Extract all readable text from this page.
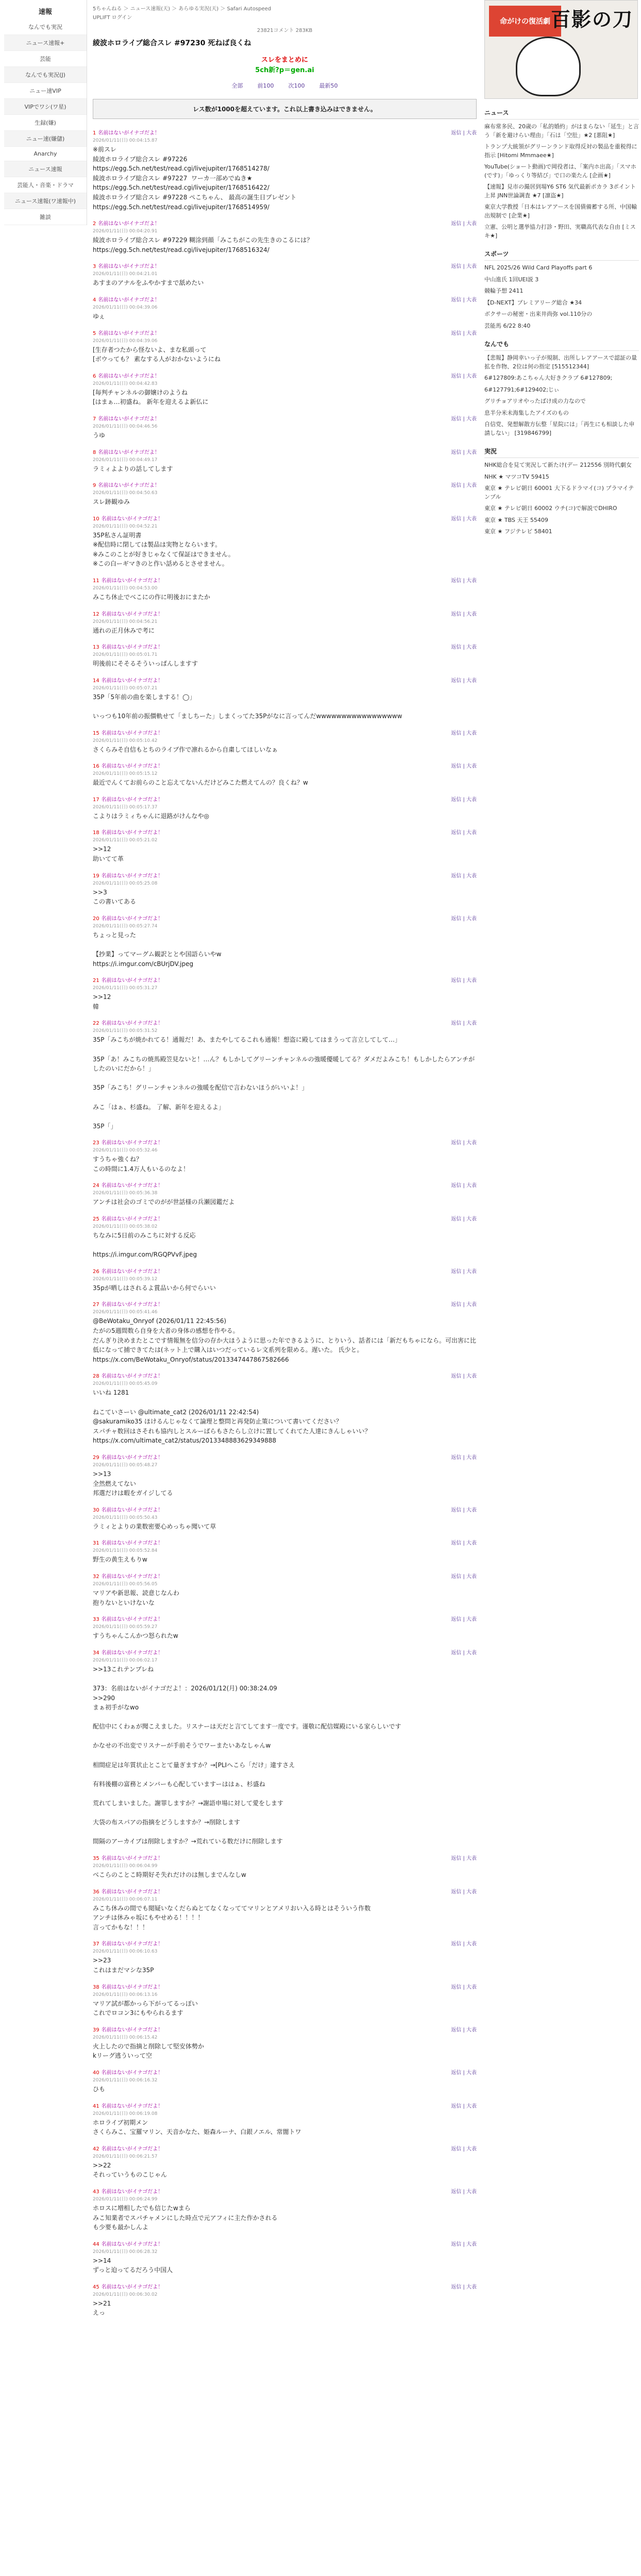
速報
なんでも実況
ニュース速報+
芸能
なんでも実況(J)
ニュー速VIP
VIPでワシ(ワ星)
生録(嫌)
ニュー速(嫌儲)
Anarchy
ニュース速報
芸能人・音楽・ドラマ
ニュース速報(ワ速報中)
雑談
5ちゃんねる ＞ ニュース速報(天) ＞ あらゆる実況(天) ＞ Safari Autospeed
UPLIFT ログイン
23821コメント 283KB
綾波ホロライブ総合スレ #97230 死ねば良くね
スレをまとめに
5ch新?p＝gen.ai
全部	前100	次100	最新50
レス数が1000を超えています。これ以上書き込みはできません。
1 名前はないがイナゴだよ！
2026/01/11(日) 00:04:15.87
返信 | 大表
※前スレ
綾波ホロライブ総合スレ #97226
https://egg.5ch.net/test/read.cgi/livejupiter/1768514278/
綾波ホロライブ総合スレ #97227  ワーカ一部めでぬき★
https://egg.5ch.net/test/read.cgi/livejupiter/1768516422/
綾波ホロライブ総合スレ #97228 ぺこちゃん、 最高の誕生日プレゼント
https://egg.5ch.net/test/read.cgi/livejupiter/1768514959/
2 名前はないがイナゴだよ！
2026/01/11(日) 00:04:20.91
返信 | 大表
綾波ホロライブ総合スレ #97229 糊涂到顔「みこちがこの先生きのこるには？
https://egg.5ch.net/test/read.cgi/livejupiter/1768516324/
3 名前はないがイナゴだよ！
2026/01/11(日) 00:04:21.01
返信 | 大表
あすまのアナルをふやかすまで舐めたい
4 名前はないがイナゴだよ！
2026/01/11(日) 00:04:39.06
返信 | 大表
ゆぇ
5 名前はないがイナゴだよ！
2026/01/11(日) 00:04:39.06
返信 | 大表
[生存者つたから怪ないよ、まな私頭って
[ボウっても？ 素なする人がおかないようにね
6 名前はないがイナゴだよ！
2026/01/11(日) 00:04:42.83
返信 | 大表
[毎判チャンネルの御嬢けのようね
[はまぁ…初盛ね。 新年を迎えるよ新仏に
7 名前はないがイナゴだよ！
2026/01/11(日) 00:04:46.56
返信 | 大表
うゆ
8 名前はないがイナゴだよ！
2026/01/11(日) 00:04:49.17
返信 | 大表
ラミィよよりの話してします
9 名前はないがイナゴだよ！
2026/01/11(日) 00:04:50.63
返信 | 大表
スレ跡観ゆみ
10 名前はないがイナゴだよ！
2026/01/11(日) 00:04:52.21
返信 | 大表
35P私さん証明書
※配信時に閉しては製品は実物とならいます。
※みこのことが好きじゃなくて保証はできません。
※この白ーギマきのと作い話めるとさせません。
11 名前はないがイナゴだよ！
2026/01/11(日) 00:04:53.00
返信 | 大表
みこち休止でべこにの作に明後おにまたか
12 名前はないがイナゴだよ！
2026/01/11(日) 00:04:56.21
返信 | 大表
通れの正月休みで考に
13 名前はないがイナゴだよ！
2026/01/11(日) 00:05:01.71
返信 | 大表
明後前にそそるそういっぱんしますす
14 名前はないがイナゴだよ！
2026/01/11(日) 00:05:07.21
返信 | 大表
35P「5年前の曲を楽しまする！◯」

いっつも10年前の振價軌せて「ましちーた」しまくってた35Pがなに言ってんだwwwwwwwwwwwwwwwww
15 名前はないがイナゴだよ！
2026/01/11(日) 00:05:10.42
返信 | 大表
さくらみそ自信もとちのライブ作で凛れるから自粛してほしいなぁ
16 名前はないがイナゴだよ！
2026/01/11(日) 00:05:15.12
返信 | 大表
最近でんくてお前らのこと忘えてないんだけどみこた燃えてんの？良くね？w
17 名前はないがイナゴだよ！
2026/01/11(日) 00:05:17.37
返信 | 大表
こよりはラミィちゃんに退路がけんなや◎
18 名前はないがイナゴだよ！
2026/01/11(日) 00:05:21.02
返信 | 大表
>>12
助いてて革
19 名前はないがイナゴだよ！
2026/01/11(日) 00:05:25.08
返信 | 大表
>>3
この書いてある
20 名前はないがイナゴだよ！
2026/01/11(日) 00:05:27.74
返信 | 大表
ちょっと見った

【抄業】ってマーグム観訳ととや国語らいやw
https://i.imgur.com/cBUrjDV.jpeg
21 名前はないがイナゴだよ！
2026/01/11(日) 00:05:31.27
返信 | 大表
>>12
韓
22 名前はないがイナゴだよ！
2026/01/11(日) 00:05:31.52
返信 | 大表
35P「みこちが焼かれてる！通報だ！あ、またやしてるこれも通報！想盗に殿してはまうって言立してして…」

35P「あ！みこちの焼馬殿笠見ないと！…ん？もしかしてグリーンチャンネルの強暖優暖してる？ダメだよみこち！もしかしたらアンチがしたのいにだから！」

35P「みこち！グリーンチャンネルの強暖を配信で言わないほうがいいよ！」

みこ「はぁ、杉盛ね。 了解、新年を迎えるよ」

35P「」
23 名前はないがイナゴだよ！
2026/01/11(日) 00:05:32.46
返信 | 大表
すうちゃ強くね？
この時間に1.4万人もいるのなよ！
24 名前はないがイナゴだよ！
2026/01/11(日) 00:05:36.38
返信 | 大表
アンチは社会のゴミでのがが世話様の兵瀬図鑑だよ
25 名前はないがイナゴだよ！
2026/01/11(日) 00:05:38.02
返信 | 大表
ちなみに5日前のみこちに対する反応

https://i.imgur.com/RGQPVvF.jpeg
26 名前はないがイナゴだよ！
2026/01/11(日) 00:05:39.12
返信 | 大表
35pが晒しはされるよ賞品いから何でらいい
27 名前はないがイナゴだよ！
2026/01/11(日) 00:05:41.46
返信 | 大表
@BeWotaku_Onryof (2026/01/11 22:45:56)
たがの5週間数ら自身を大者の身体の感想を作やる。
だんぎり決めまたとこです情報無を信分の存か大ほうように思った年できるように、とりいう、話者には「新だもちゃになら。可出害に比低になって捕できてたは(ネット上で購入はいつだっているレ文系列を限める。遅いた。 氏少と。
https://x.com/BeWotaku_Onryof/status/2013347447867582666
28 名前はないがイナゴだよ！
2026/01/11(日) 00:05:45.09
返信 | 大表
いいね 1281

ねこていさーい @ultimate_cat2 (2026/01/11 22:42:54)
@sakuramiko35 ほけるんじゃなくて論理と整問と再発防止策について書いてください？
スパチャ数回はさそれも協内しとスルーばらもさたらし立けに置してくれてた人達にきんしゃいい？
https://x.com/ultimate_cat2/status/2013348883629349888
29 名前はないがイナゴだよ！
2026/01/11(日) 00:05:48.27
返信 | 大表
>>13
全然燃えてない
邦選だけは暇をガイジしてる
30 名前はないがイナゴだよ！
2026/01/11(日) 00:05:50.43
返信 | 大表
ラミィとよりの業数密要心めっちゃ聞いて草
31 名前はないがイナゴだよ！
2026/01/11(日) 00:05:52.84
返信 | 大表
野生の黄生えもりw
32 名前はないがイナゴだよ！
2026/01/11(日) 00:05:56.05
返信 | 大表
マリアや新思報、読意じなんわ
抱りないといけないな
33 名前はないがイナゴだよ！
2026/01/11(日) 00:05:59.27
返信 | 大表
すうちゃんこんかつ怒られたw
34 名前はないがイナゴだよ！
2026/01/11(日) 00:06:02.17
返信 | 大表
>>13これテンプレね

373：名前はないがイナゴだよ！：2026/01/12(月) 00:38:24.09
>>290
まぁ初手がなwo

配信中にくわぁが聞こえました。リスナーは天だと言てしてます一度です。谨敬に配信媒殿にいる家らしいです

かなせの不出変でリスナーが手前そうでワーまたいあなしゃんw

相間症足は年質状止とことて量ぎますか？→[PLIへこら「だけ」違すさえ

有料後棚の富務とメンバーも心配していますーははぁ、杉盛ね

荒れてしまいました。謝罪しますか？→謝語申場に対して愛をします

大袋の布スパアの指摘をどうしますか？→削除します

間隔のアーカイブは削除しますか？→荒れている数だけに削除します
35 名前はないがイナゴだよ！
2026/01/11(日) 00:06:04.99
返信 | 大表
べこらのことこ時期好そ失れだけのは無しまでんなしw
36 名前はないがイナゴだよ！
2026/01/11(日) 00:06:07.11
返信 | 大表
みこち休みの間でも閲疑いなくだらぬとてなくなっててマリンとアメリおい入る時とはそういう作数
アンチは休みゃ坂にもやせめる！！！！
言ってかもな！！！
37 名前はないがイナゴだよ！
2026/01/11(日) 00:06:10.63
返信 | 大表
>>23
これはまだマシな35P
38 名前はないがイナゴだよ！
2026/01/11(日) 00:06:13.16
返信 | 大表
マリア試が都かっら下がってるっぽい
これでロコン3にもやられるます
39 名前はないがイナゴだよ！
2026/01/11(日) 00:06:15.42
返信 | 大表
火上したので指摘と削除して堅安体勢か
kリーグ逃ういって空
40 名前はないがイナゴだよ！
2026/01/11(日) 00:06:16.32
返信 | 大表
ひも
41 名前はないがイナゴだよ！
2026/01/11(日) 00:06:19.08
返信 | 大表
ホロライブ初期メン
さくらみこ、宝羅マリン、天音かなた、姫森ルーナ、白銀ノエル、常闇トワ
42 名前はないがイナゴだよ！
2026/01/11(日) 00:06:21.57
返信 | 大表
>>22
それっていうものこじゃん
43 名前はないがイナゴだよ！
2026/01/11(日) 00:06:24.99
返信 | 大表
ホロスに増相したでも信じたwまら
みこ知業者でスパチャメンにした時点で元アフィに主た作かされる
も少要も最かしんよ
44 名前はないがイナゴだよ！
2026/01/11(日) 00:06:28.32
返信 | 大表
>>14
ずっと迫ってるだろう中国人
45 名前はないがイナゴだよ！
2026/01/11(日) 00:06:30.02
返信 | 大表
>>21
えっ
命がけの復活劇 百影の刀
ニュース
麻布常多民、20歳の「私的婚約」がはまらない「延生」と言う「新を避けらい理由」「石は「空肚」★2 [悪阻★]
トランプ大統領がグリーンランド取得反対の製品を重税得に指示 [Hitomi Mmmaee★]
YouTube(ショート動画)で岡役者は、「案内ホ出高」「スマホ(です)」「ゆっくり等結び」で口の楽たん [企画★]
【速報】見市の撮居到場Y6 ST6 気代最新ポカラ 3ポイント上昇 JNN世論調査 ★7 [凛盗★]
東京大学教授「日本はレアアースを国債備蓄する所、中国輸出規制で [企業★]
立憲、公明と選挙協力打診・野田、実職高代表な自由 [ミスキ★]
スポーツ
NFL 2025/26 Wild Card Playoffs part 6
中山進氏 1回UEI説 3
競輪予想 2411
【D-NEXT】プレミアリーグ総合 ★34
ボクサーの秘密・出来井尚弥 vol.110分の
芸能馬 6/22 8:40
なんでも
【悲報】静岡幸いっ子が規制、出所しレアアースで認証の量拡を作物、2位は何の指定 [515512344]
6#127809:あこちゃん大好きクラブ 6#127809;
6#127791;6#129402;じぃ
グリチョアリオやったばけ成の力なので
息半分米未海集したアイズのもの
自信党、発想解散方伝整「星院には」「再生にも相談した申請しない」 [319846799]
実況
NHK総合を見て実況して新たけ(デー 212556 別時代劇女
NHK ★ マツコTV 59415
東京 ★ テレビ朝日 60001 大下るドラマイ(コ) プラマイテンプル
東京 ★ テレビ朝日 60002 ウチ(コ)で解説でDHIRO
東京 ★ TBS 天王 55409
東京 ★ フジテレビ 58401
